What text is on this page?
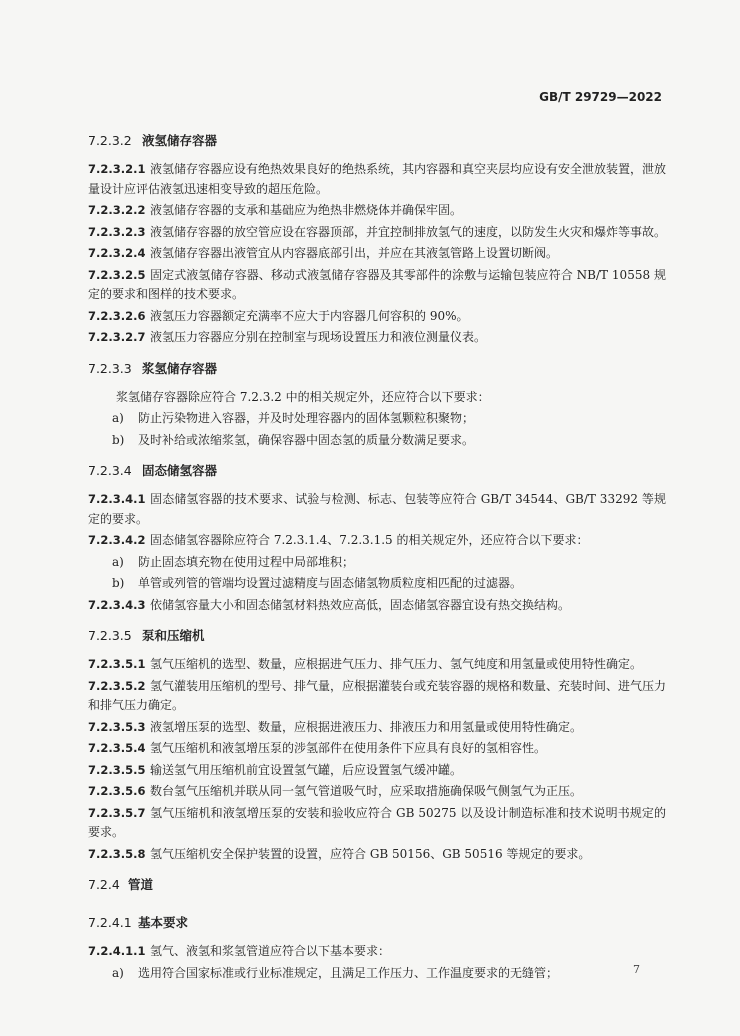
GB/T 29729—2022
7.2.3.2 液氢储存容器
7.2.3.2.1 液氢储存容器应设有绝热效果良好的绝热系统，其内容器和真空夹层均应设有安全泄放装置，泄放量设计应评估液氢迅速相变导致的超压危险。
7.2.3.2.2 液氢储存容器的支承和基础应为绝热非燃烧体并确保牢固。
7.2.3.2.3 液氢储存容器的放空管应设在容器顶部，并宜控制排放氢气的速度，以防发生火灾和爆炸等事故。
7.2.3.2.4 液氢储存容器出液管宜从内容器底部引出，并应在其液氢管路上设置切断阀。
7.2.3.2.5 固定式液氢储存容器、移动式液氢储存容器及其零部件的涂敷与运输包装应符合 NB/T 10558 规定的要求和图样的技术要求。
7.2.3.2.6 液氢压力容器额定充满率不应大于内容器几何容积的 90%。
7.2.3.2.7 液氢压力容器应分别在控制室与现场设置压力和液位测量仪表。
7.2.3.3 浆氢储存容器
浆氢储存容器除应符合 7.2.3.2 中的相关规定外，还应符合以下要求：
a) 防止污染物进入容器，并及时处理容器内的固体氢颗粒积聚物；
b) 及时补给或浓缩浆氢，确保容器中固态氢的质量分数满足要求。
7.2.3.4 固态储氢容器
7.2.3.4.1 固态储氢容器的技术要求、试验与检测、标志、包装等应符合 GB/T 34544、GB/T 33292 等规定的要求。
7.2.3.4.2 固态储氢容器除应符合 7.2.3.1.4、7.2.3.1.5 的相关规定外，还应符合以下要求：
a) 防止固态填充物在使用过程中局部堆积；
b) 单管或列管的管端均设置过滤精度与固态储氢物质粒度相匹配的过滤器。
7.2.3.4.3 依储氢容量大小和固态储氢材料热效应高低，固态储氢容器宜设有热交换结构。
7.2.3.5 泵和压缩机
7.2.3.5.1 氢气压缩机的选型、数量，应根据进气压力、排气压力、氢气纯度和用氢量或使用特性确定。
7.2.3.5.2 氢气灌装用压缩机的型号、排气量，应根据灌装台或充装容器的规格和数量、充装时间、进气压力和排气压力确定。
7.2.3.5.3 液氢增压泵的选型、数量，应根据进液压力、排液压力和用氢量或使用特性确定。
7.2.3.5.4 氢气压缩机和液氢增压泵的涉氢部件在使用条件下应具有良好的氢相容性。
7.2.3.5.5 输送氢气用压缩机前宜设置氢气罐，后应设置氢气缓冲罐。
7.2.3.5.6 数台氢气压缩机并联从同一氢气管道吸气时，应采取措施确保吸气侧氢气为正压。
7.2.3.5.7 氢气压缩机和液氢增压泵的安装和验收应符合 GB 50275 以及设计制造标准和技术说明书规定的要求。
7.2.3.5.8 氢气压缩机安全保护装置的设置，应符合 GB 50156、GB 50516 等规定的要求。
7.2.4 管道
7.2.4.1 基本要求
7.2.4.1.1 氢气、液氢和浆氢管道应符合以下基本要求：
a) 选用符合国家标准或行业标准规定，且满足工作压力、工作温度要求的无缝管；	7
